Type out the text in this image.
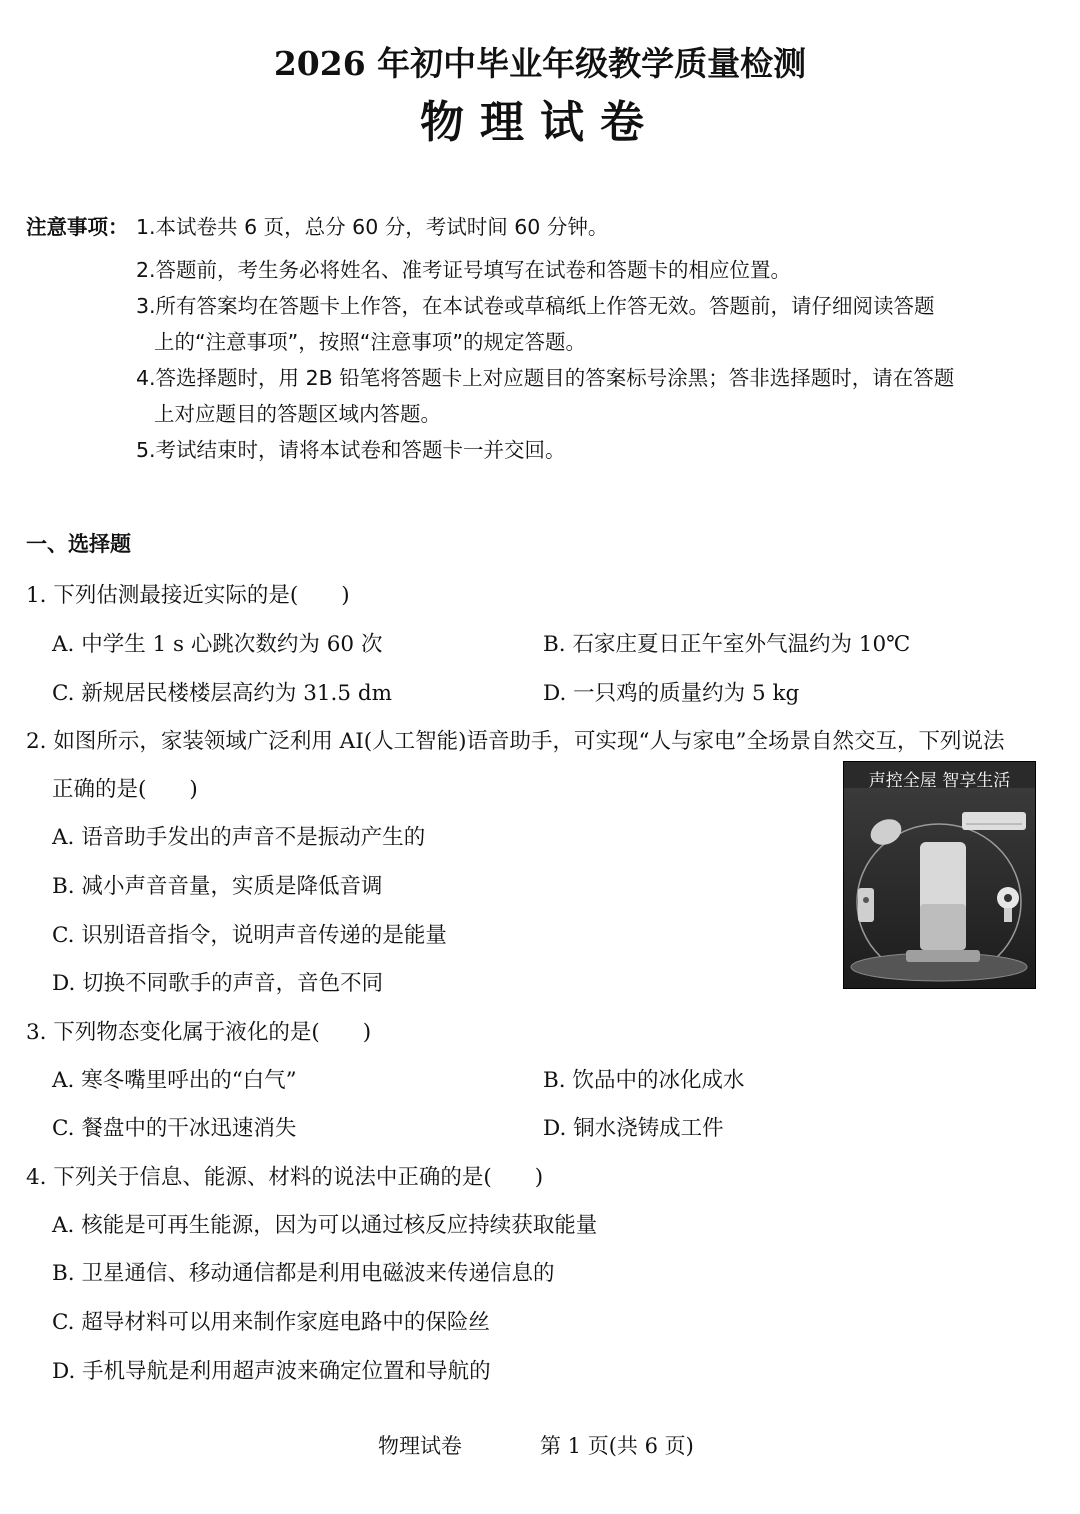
2026 年初中毕业年级教学质量检测
物理试卷
注意事项： 1.本试卷共 6 页，总分 60 分，考试时间 60 分钟。
2.答题前，考生务必将姓名、准考证号填写在试卷和答题卡的相应位置。
3.所有答案均在答题卡上作答，在本试卷或草稿纸上作答无效。答题前，请仔细阅读答题
上的“注意事项”，按照“注意事项”的规定答题。
4.答选择题时，用 2B 铅笔将答题卡上对应题目的答案标号涂黑；答非选择题时，请在答题
上对应题目的答题区域内答题。
5.考试结束时，请将本试卷和答题卡一并交回。
一、选择题
1. 下列估测最接近实际的是(　　)
A. 中学生 1 s 心跳次数约为 60 次	B. 石家庄夏日正午室外气温约为 10℃
C. 新规居民楼楼层高约为 31.5 dm	D. 一只鸡的质量约为 5 kg
2. 如图所示，家装领域广泛利用 AI(人工智能)语音助手，可实现“人与家电”全场景自然交互，下列说法
正确的是(　　)
A. 语音助手发出的声音不是振动产生的
B. 减小声音音量，实质是降低音调
C. 识别语音指令，说明声音传递的是能量
D. 切换不同歌手的声音，音色不同
声控全屋 智享生活
3. 下列物态变化属于液化的是(　　)
A. 寒冬嘴里呼出的“白气”	B. 饮品中的冰化成水
C. 餐盘中的干冰迅速消失	D. 铜水浇铸成工件
4. 下列关于信息、能源、材料的说法中正确的是(　　)
A. 核能是可再生能源，因为可以通过核反应持续获取能量
B. 卫星通信、移动通信都是利用电磁波来传递信息的
C. 超导材料可以用来制作家庭电路中的保险丝
D. 手机导航是利用超声波来确定位置和导航的
物理试卷	第 1 页(共 6 页)
